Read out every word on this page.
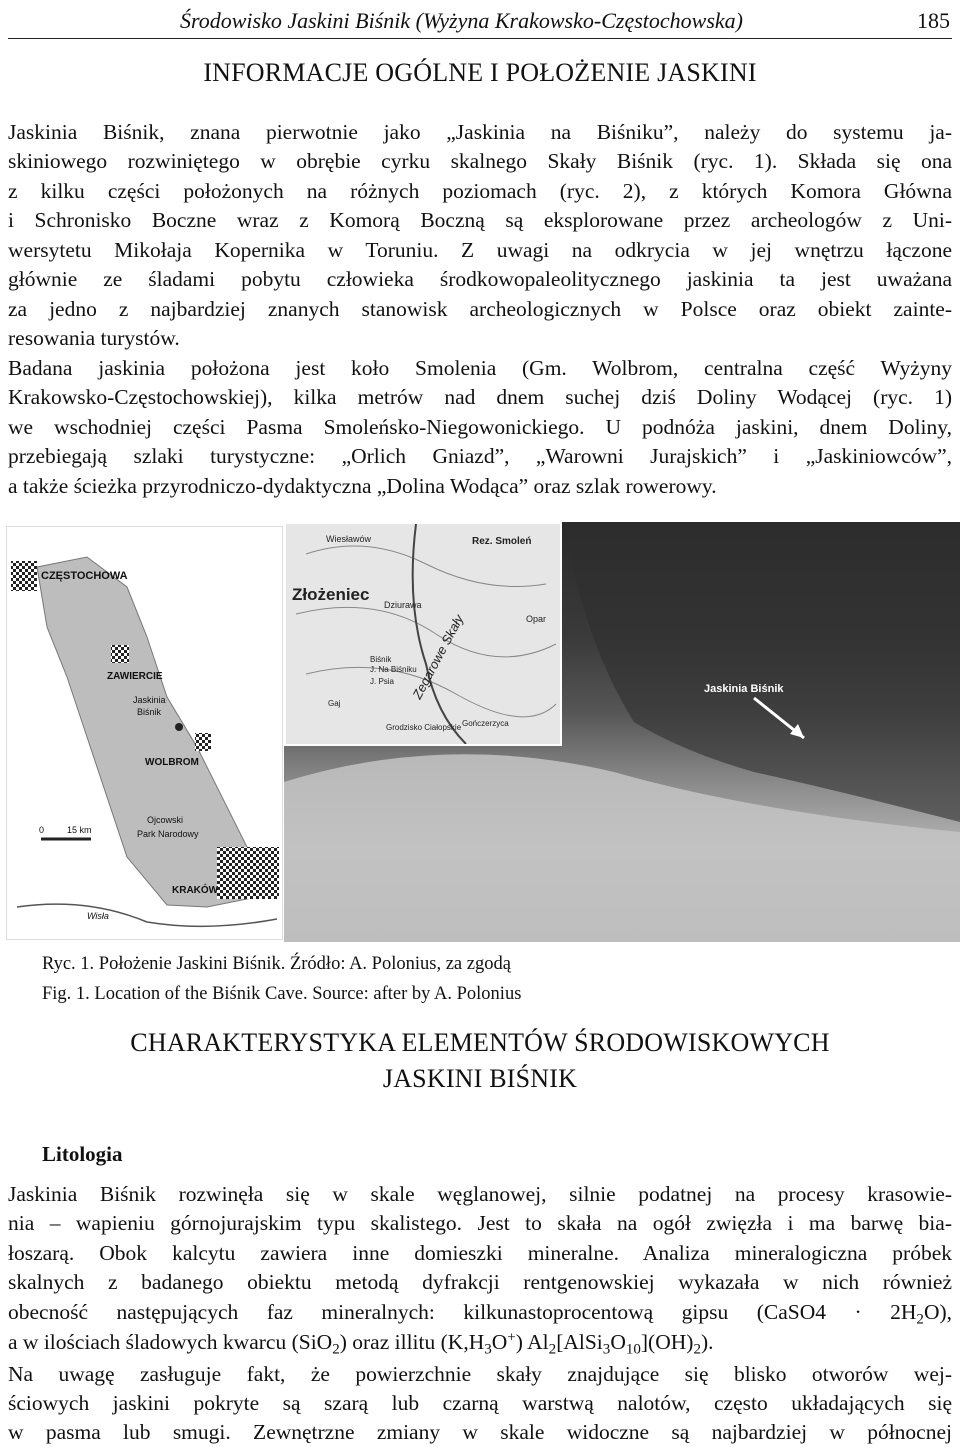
Środowisko Jaskini Biśnik (Wyżyna Krakowsko-Częstochowska)	185
INFORMACJE OGÓLNE I POŁOŻENIE JASKINI
Jaskinia Biśnik, znana pierwotnie jako „Jaskinia na Biśniku”, należy do systemu ja-
skiniowego rozwiniętego w obrębie cyrku skalnego Skały Biśnik (ryc. 1). Składa się ona
z kilku części położonych na różnych poziomach (ryc. 2), z których Komora Główna
i Schronisko Boczne wraz z Komorą Boczną są eksplorowane przez archeologów z Uni-
wersytetu Mikołaja Kopernika w Toruniu. Z uwagi na odkrycia w jej wnętrzu łączone
głównie ze śladami pobytu człowieka środkowopaleolitycznego jaskinia ta jest uważana
za jedno z najbardziej znanych stanowisk archeologicznych w Polsce oraz obiekt zainte-
resowania turystów.
Badana jaskinia położona jest koło Smolenia (Gm. Wolbrom, centralna część Wyżyny
Krakowsko-Częstochowskiej), kilka metrów nad dnem suchej dziś Doliny Wodącej (ryc. 1)
we wschodniej części Pasma Smoleńsko-Niegowonickiego. U podnóża jaskini, dnem Doliny,
przebiegają szlaki turystyczne: „Orlich Gniazd”, „Warowni Jurajskich” i „Jaskiniowców”,
a także ścieżka przyrodniczo-dydaktyczna „Dolina Wodąca” oraz szlak rowerowy.
CZĘSTOCHOWA
ZAWIERCIE
Jaskinia
Biśnik
WOLBROM
Ojcowski
Park Narodowy
KRAKÓW
Wisła
0	15 km
Jaskinia Biśnik
Wiesławów	Rez. Smoleń
Złożeniec
Dziurawa
Zegarowe Skały	Opar
Biśnik
J. Na Biśniku
J. Psia
Gaj
Grodzisko Ciałopskie Gończerzyca
Ryc. 1. Położenie Jaskini Biśnik. Źródło: A. Polonius, za zgodą
Fig. 1. Location of the Biśnik Cave. Source: after by A. Polonius
CHARAKTERYSTYKA ELEMENTÓW ŚRODOWISKOWYCH
JASKINI BIŚNIK
Litologia
Jaskinia Biśnik rozwinęła się w skale węglanowej, silnie podatnej na procesy krasowie-
nia – wapieniu górnojurajskim typu skalistego. Jest to skała na ogół zwięzła i ma barwę bia-
łoszarą. Obok kalcytu zawiera inne domieszki mineralne. Analiza mineralogiczna próbek
skalnych z badanego obiektu metodą dyfrakcji rentgenowskiej wykazała w nich również
obecność następujących faz mineralnych: kilkunastoprocentową gipsu (CaSO4 · $2H_2O$),
a w ilościach śladowych kwarcu (SiO$_2$) oraz illitu $(K,H_3O^+)$ $Al_2[AlSi_3O_{10}](OH)_2$).
Na uwagę zasługuje fakt, że powierzchnie skały znajdujące się blisko otworów wej-
ściowych jaskini pokryte są szarą lub czarną warstwą nalotów, często układających się
w pasma lub smugi. Zewnętrzne zmiany w skale widoczne są najbardziej w północnej
